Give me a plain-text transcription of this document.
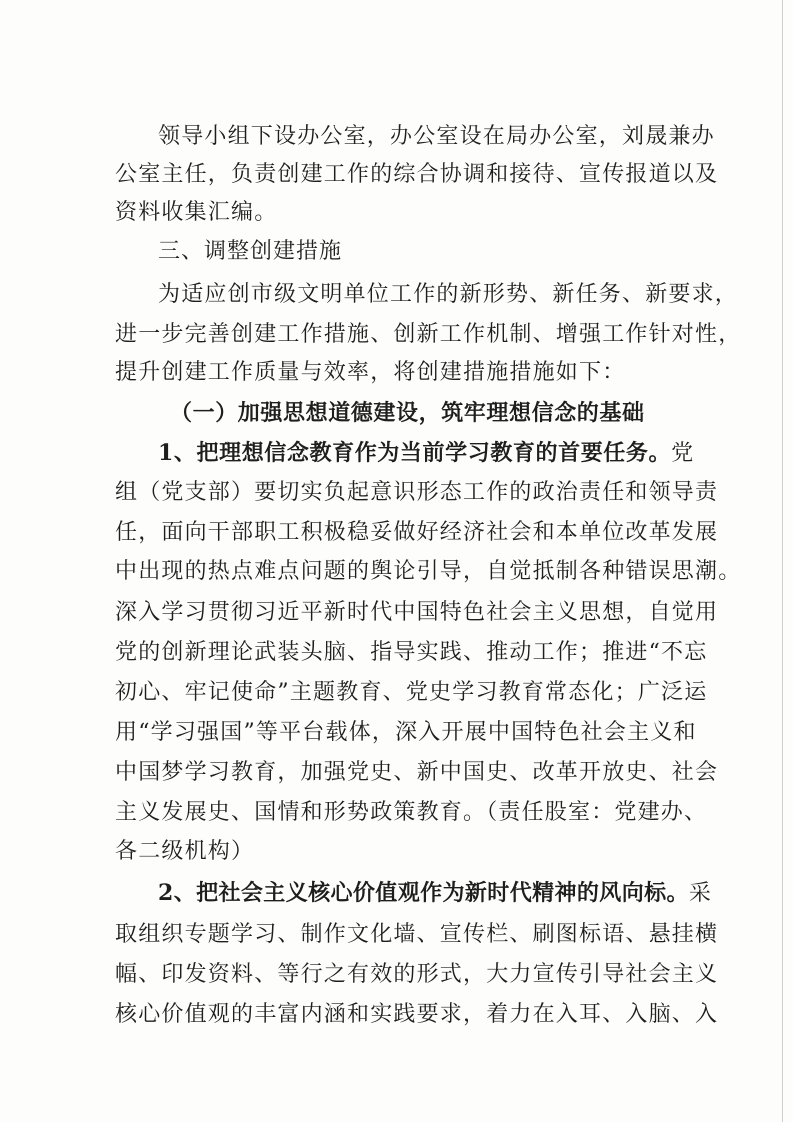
领导小组下设办公室，办公室设在局办公室，刘晟兼办
公室主任，负责创建工作的综合协调和接待、宣传报道以及
资料收集汇编。
三、调整创建措施
为适应创市级文明单位工作的新形势、新任务、新要求，
进一步完善创建工作措施、创新工作机制、增强工作针对性，
提升创建工作质量与效率，将创建措施措施如下：
（一）加强思想道德建设，筑牢理想信念的基础
1、把理想信念教育作为当前学习教育的首要任务。党
组（党支部）要切实负起意识形态工作的政治责任和领导责
任，面向干部职工积极稳妥做好经济社会和本单位改革发展
中出现的热点难点问题的舆论引导，自觉抵制各种错误思潮。
深入学习贯彻习近平新时代中国特色社会主义思想，自觉用
党的创新理论武装头脑、指导实践、推动工作；推进“不忘
初心、牢记使命”主题教育、党史学习教育常态化；广泛运
用“学习强国”等平台载体，深入开展中国特色社会主义和
中国梦学习教育，加强党史、新中国史、改革开放史、社会
主义发展史、国情和形势政策教育。（责任股室：党建办、
各二级机构）
2、把社会主义核心价值观作为新时代精神的风向标。采
取组织专题学习、制作文化墙、宣传栏、刷图标语、悬挂横
幅、印发资料、等行之有效的形式，大力宣传引导社会主义
核心价值观的丰富内涵和实践要求，着力在入耳、入脑、入
